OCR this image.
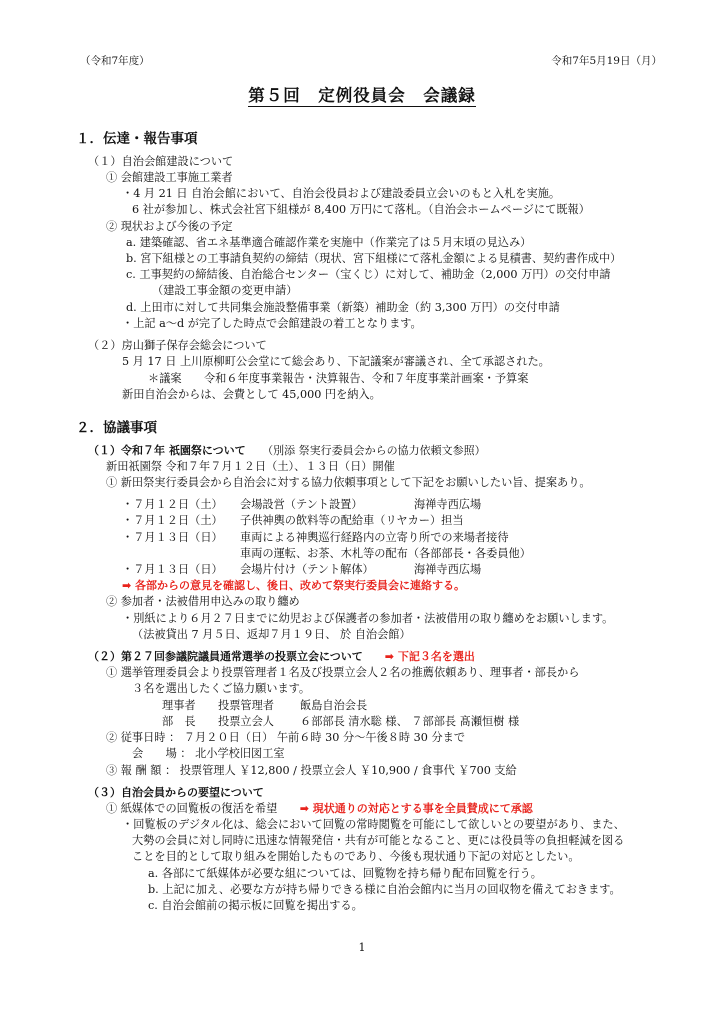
（令和7年度）	令和7年5月19日（月）
第５回　定例役員会　会議録
１．伝達・報告事項
（１）自治会館建設について
① 会館建設工事施工業者
・4 月 21 日 自治会館において、自治会役員および建設委員立会いのもと入札を実施。
6 社が参加し、株式会社宮下組様が 8,400 万円にて落札。（自治会ホームページにて既報）
② 現状および今後の予定
a. 建築確認、省エネ基準適合確認作業を実施中（作業完了は５月末頃の見込み）
b. 宮下組様との工事請負契約の締結（現状、宮下組様にて落札金額による見積書、契約書作成中）
c. 工事契約の締結後、自治総合センター（宝くじ）に対して、補助金（2,000 万円）の交付申請
（建設工事金額の変更申請）
d. 上田市に対して共同集会施設整備事業（新築）補助金（約 3,300 万円）の交付申請
・上記 a～d が完了した時点で会館建設の着工となります。
（２）房山獅子保存会総会について
5 月 17 日 上川原柳町公会堂にて総会あり、下記議案が審議され、全て承認された。
＊議案　　令和６年度事業報告・決算報告、令和７年度事業計画案・予算案
新田自治会からは、会費として 45,000 円を納入。
２．協議事項
（１）令和７年 祇園祭について　　 （別添 祭実行委員会からの協力依頼文参照）
新田祇園祭 令和７年７月１２日（土）、１３日（日）開催
① 新田祭実行委員会から自治会に対する協力依頼事項として下記をお願いしたい旨、提案あり。
・７月１２日（土）	会場設営（テント設置）	海禅寺西広場
・７月１２日（土）	子供神輿の飲料等の配給車（リヤカー）担当
・７月１３日（日）	車両による神輿巡行経路内の立寄り所での来場者接待
車両の運転、お茶、木札等の配布（各部部長・各委員他）
・７月１３日（日）	会場片付け（テント解体）	海禅寺西広場
➡ 各部からの意見を確認し、後日、改めて祭実行委員会に連絡する。
② 参加者・法被借用申込みの取り纏め
・別紙により６月２７日までに幼児および保護者の参加者・法被借用の取り纏めをお願いします。
（法被貸出 7 月５日、返却７月１９日、 於 自治会館）
（２）第２７回参議院議員通常選挙の投票立会について　　 ➡ 下記３名を選出
① 選挙管理委員会より投票管理者１名及び投票立会人２名の推薦依頼あり、理事者・部長から
３名を選出したくご協力願います。
理事者	投票管理者	飯島自治会長
部　長	投票立会人	６部部長 清水聡 様、 ７部部長 髙瀬恒樹 様
② 従事日時 ： ７月２０日（日） 午前６時 30 分～午後８時 30 分まで
会　　場 ： 北小学校旧図工室
③ 報 酬 額 ： 投票管理人 ￥12,800 / 投票立会人 ￥10,900 / 食事代 ￥700 支給
（３）自治会員からの要望について
① 紙媒体での回覧板の復活を希望　　 ➡ 現状通りの対応とする事を全員賛成にて承認
・回覧板のデジタル化は、総会において回覧の常時閲覧を可能にして欲しいとの要望があり、また、
大勢の会員に対し同時に迅速な情報発信・共有が可能となること、更には役員等の負担軽減を図る
ことを目的として取り組みを開始したものであり、今後も現状通り下記の対応としたい。
a. 各部にて紙媒体が必要な組については、回覧物を持ち帰り配布回覧を行う。
b. 上記に加え、必要な方が持ち帰りできる様に自治会館内に当月の回収物を備えておきます。
c. 自治会館前の掲示板に回覧を掲出する。
1
